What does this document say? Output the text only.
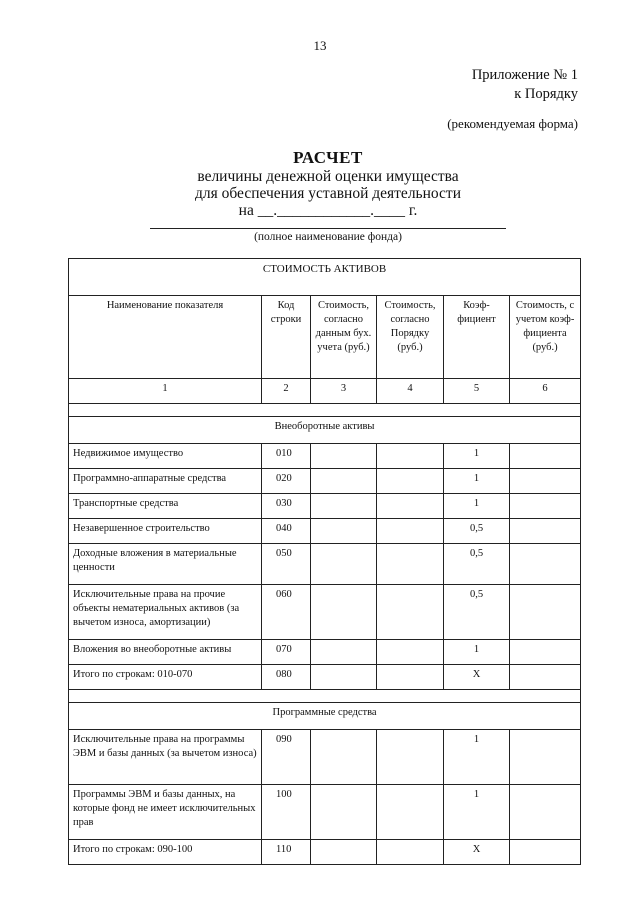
13
Приложение № 1
к Порядку
(рекомендуемая форма)
РАСЧЕТ
величины денежной оценки имущества
для обеспечения уставной деятельности
на __.____________.____ г.
(полное наименование фонда)
СТОИМОСТЬ АКТИВОВ					
Наименование показателя	Код строки	Стоимость, согласно данным бух. учета (руб.)	Стоимость, согласно Порядку (руб.)	Коэф-фициент	Стоимость, с учетом коэф-фициента (руб.)
1	2	3	4	5	6

Внеоборотные активы					
Недвижимое имущество	010			1	
Программно-аппаратные средства	020			1	
Транспортные средства	030			1	
Незавершенное строительство	040			0,5	
Доходные вложения в материальные ценности	050			0,5	
Исключительные права на прочие объекты нематериальных активов (за вычетом износа, амортизации)	060			0,5	
Вложения во внеоборотные активы	070			1	
Итого по строкам: 010-070	080			X	

Программные средства					
Исключительные права на программы ЭВМ и базы данных (за вычетом износа)	090			1	
Программы ЭВМ и базы данных, на которые фонд не имеет исключительных прав	100			1	
Итого по строкам: 090-100	110			X	
